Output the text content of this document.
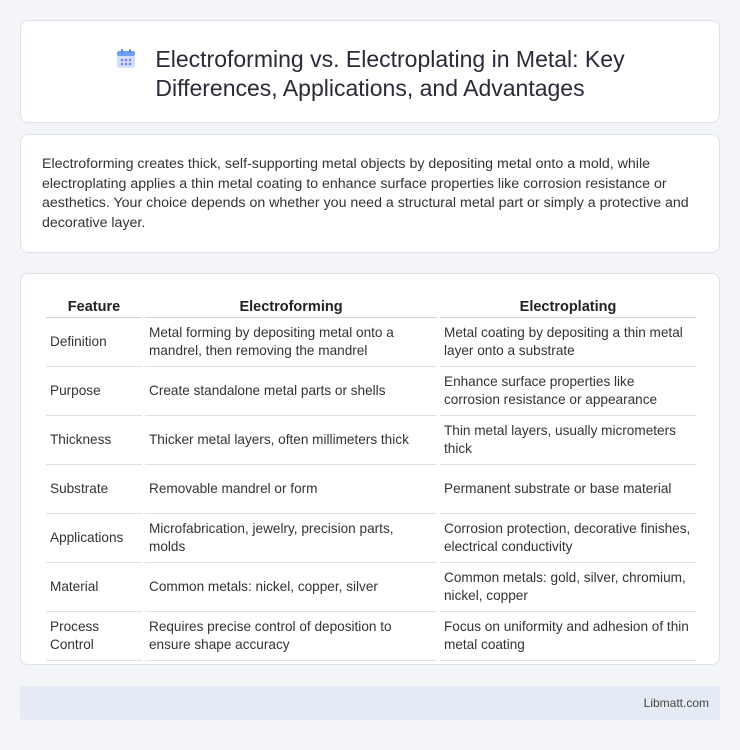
Electroforming vs. Electroplating in Metal: Key Differences, Applications, and Advantages

Electroforming creates thick, self-supporting metal objects by depositing metal onto a mold, while electroplating applies a thin metal coating to enhance surface properties like corrosion resistance or aesthetics. Your choice depends on whether you need a structural metal part or simply a protective and decorative layer.

Feature	Electroforming	Electroplating
Definition	Metal forming by depositing metal onto a mandrel, then removing the mandrel	Metal coating by depositing a thin metal layer onto a substrate
Purpose	Create standalone metal parts or shells	Enhance surface properties like corrosion resistance or appearance
Thickness	Thicker metal layers, often millimeters thick	Thin metal layers, usually micrometers thick
Substrate	Removable mandrel or form	Permanent substrate or base material
Applications	Microfabrication, jewelry, precision parts, molds	Corrosion protection, decorative finishes, electrical conductivity
Material	Common metals: nickel, copper, silver	Common metals: gold, silver, chromium, nickel, copper
Process Control	Requires precise control of deposition to ensure shape accuracy	Focus on uniformity and adhesion of thin metal coating
Libmatt.com
